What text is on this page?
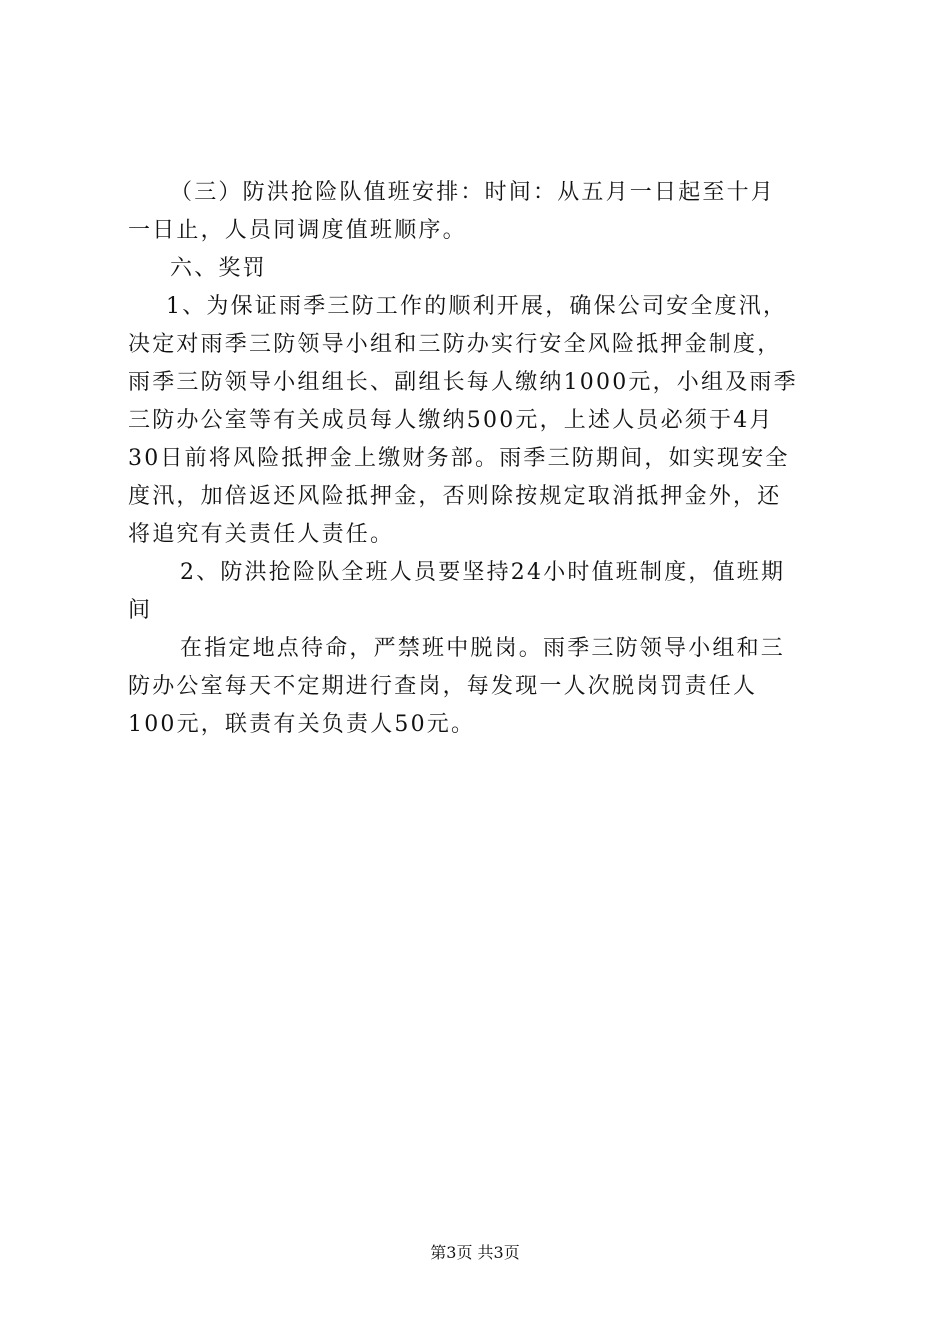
（三）防洪抢险队值班安排：时间：从五月一日起至十月
一日止，人员同调度值班顺序。
六、奖罚
1、为保证雨季三防工作的顺利开展，确保公司安全度汛，
决定对雨季三防领导小组和三防办实行安全风险抵押金制度，
雨季三防领导小组组长、副组长每人缴纳1000元，小组及雨季
三防办公室等有关成员每人缴纳500元，上述人员必须于4月
30日前将风险抵押金上缴财务部。雨季三防期间，如实现安全
度汛，加倍返还风险抵押金，否则除按规定取消抵押金外，还
将追究有关责任人责任。
2、防洪抢险队全班人员要坚持24小时值班制度，值班期
间
在指定地点待命，严禁班中脱岗。雨季三防领导小组和三
防办公室每天不定期进行查岗，每发现一人次脱岗罚责任人
100元，联责有关负责人50元。
第3页 共3页
